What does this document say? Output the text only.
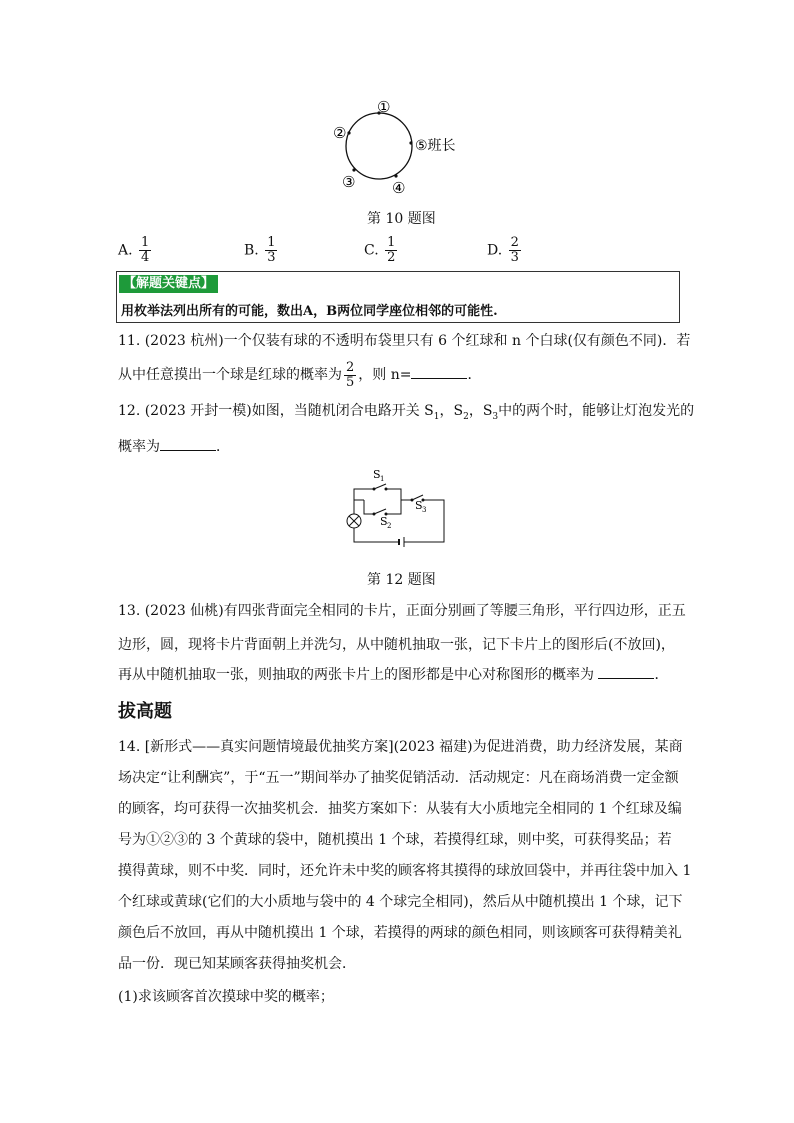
①
②
③ ④
⑤班长
第 10 题图
A. $\frac{1}{4}$	B. $\frac{1}{3}$	C. $\frac{1}{2}$	D. $\frac{2}{3}$
【解题关键点】
用枚举法列出所有的可能，数出A，B两位同学座位相邻的可能性.
11. (2023 杭州)一个仅装有球的不透明布袋里只有 6 个红球和 n 个白球(仅有颜色不同)．若
从中任意摸出一个球是红球的概率为 $\frac{2}{5}$ ，则 n=	．
12. (2023 开封一模)如图，当随机闭合电路开关 $S_1$，$S_2$，$S_3$中的两个时，能够让灯泡发光的
概率为	．
S 1
S 2
S 3
第 12 题图
13. (2023 仙桃)有四张背面完全相同的卡片，正面分别画了等腰三角形，平行四边形，正五
边形，圆，现将卡片背面朝上并洗匀，从中随机抽取一张，记下卡片上的图形后(不放回)，
再从中随机抽取一张，则抽取的两张卡片上的图形都是中心对称图形的概率为	．
拔高题
14. [新形式——真实问题情境最优抽奖方案](2023 福建)为促进消费，助力经济发展，某商
场决定“让利酬宾”，于“五一”期间举办了抽奖促销活动．活动规定：凡在商场消费一定金额
的顾客，均可获得一次抽奖机会．抽奖方案如下：从装有大小质地完全相同的 1 个红球及编
号为①②③的 3 个黄球的袋中，随机摸出 1 个球，若摸得红球，则中奖，可获得奖品；若
摸得黄球，则不中奖．同时，还允许未中奖的顾客将其摸得的球放回袋中，并再往袋中加入 1
个红球或黄球(它们的大小质地与袋中的 4 个球完全相同)，然后从中随机摸出 1 个球，记下
颜色后不放回，再从中随机摸出 1 个球，若摸得的两球的颜色相同，则该顾客可获得精美礼
品一份．现已知某顾客获得抽奖机会．
(1)求该顾客首次摸球中奖的概率；
